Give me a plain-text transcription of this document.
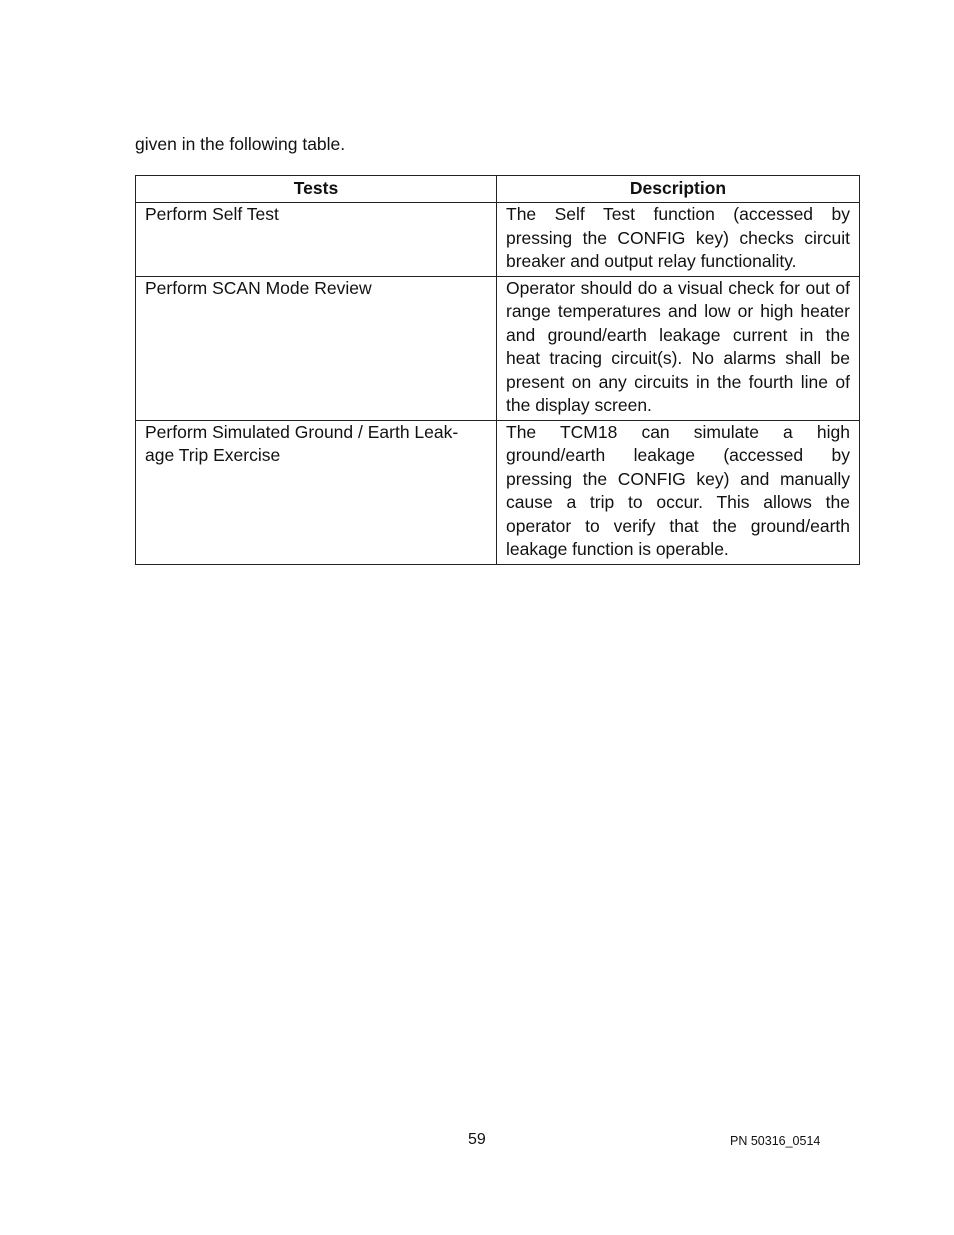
given in the following table.

Tests	Description
Perform Self Test	The Self Test function (accessed by pressing the CONFIG key) checks circuit breaker and output relay functionality.
Perform SCAN Mode Review	Operator should do a visual check for out of range temperatures and low or high heater and ground/earth leakage current in the heat tracing circuit(s). No alarms shall be present on any circuits in the fourth line of the display screen.
Perform Simulated Ground / Earth Leak-age Trip Exercise	The TCM18 can simulate a high ground/earth leakage (accessed by pressing the CONFIG key) and manually cause a trip to occur. This allows the operator to verify that the ground/earth leakage function is operable.

59	PN 50316_0514
